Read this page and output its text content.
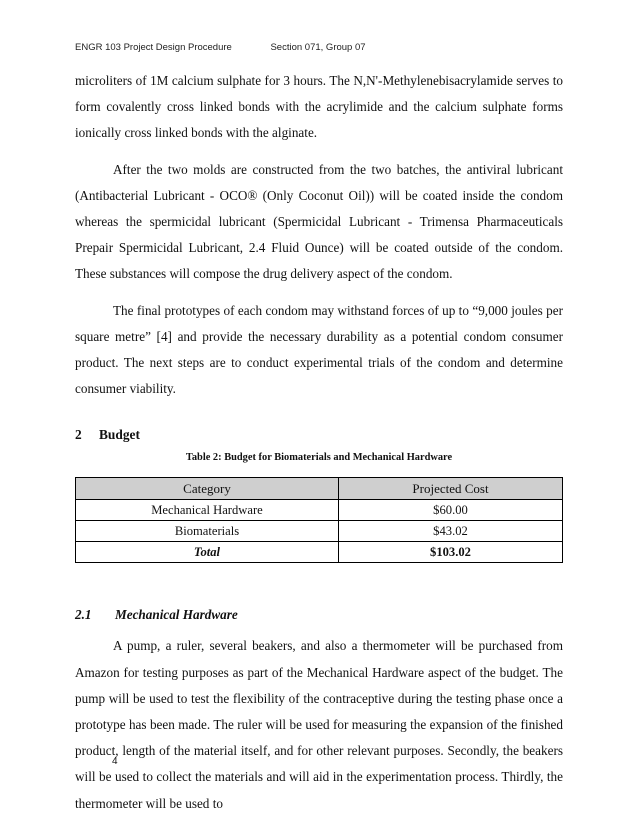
ENGR 103 Project Design Procedure	Section 071, Group 07

microliters of 1M calcium sulphate for 3 hours. The N,N'-Methylenebisacrylamide serves to form covalently cross linked bonds with the acrylimide and the calcium sulphate forms ionically cross linked bonds with the alginate.

After the two molds are constructed from the two batches, the antiviral lubricant (Antibacterial Lubricant - OCO® (Only Coconut Oil)) will be coated inside the condom whereas the spermicidal lubricant (Spermicidal Lubricant - Trimensa Pharmaceuticals Prepair Spermicidal Lubricant, 2.4 Fluid Ounce) will be coated outside of the condom. These substances will compose the drug delivery aspect of the condom.

The final prototypes of each condom may withstand forces of up to “9,000 joules per square metre” [4] and provide the necessary durability as a potential condom consumer product. The next steps are to conduct experimental trials of the condom and determine consumer viability.

2	Budget
Table 2: Budget for Biomaterials and Mechanical Hardware
Category	Projected Cost
Mechanical Hardware	$60.00
Biomaterials	$43.02
Total	$103.02
2.1	Mechanical Hardware

A pump, a ruler, several beakers, and also a thermometer will be purchased from Amazon for testing purposes as part of the Mechanical Hardware aspect of the budget. The pump will be used to test the flexibility of the contraceptive during the testing phase once a prototype has been made. The ruler will be used for measuring the expansion of the finished product, length of the material itself, and for other relevant purposes. Secondly, the beakers will be used to collect the materials and will aid in the experimentation process. Thirdly, the thermometer will be used to

4
